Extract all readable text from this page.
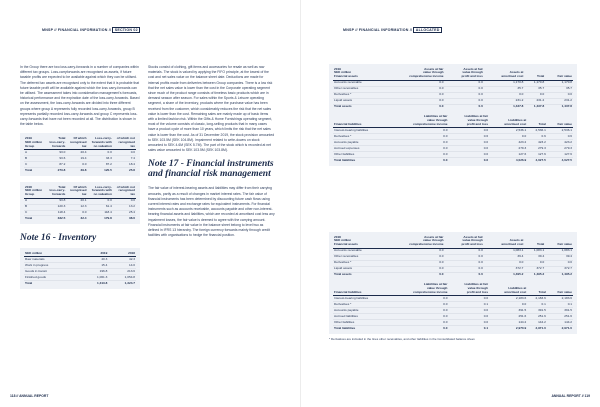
MNSP // FINANCIAL INFORMATION // SECTION 02

In the Group there are two loss-carry-forwards in a number of companies within different tax groups. Loss-carryforwards are recognised as assets, if future taxable profits are expected to be available against which they can be utilised. The deferred tax assets are recognised only to the extent that it is probable that future taxable profit will be available against which the loss carry-forwards can be utilised. The assessment takes into consideration management's forecasts, historical performance and the expiration date of the loss-carry-forwards. Based on the assessment, the loss-carry-forwards are divided into three different groups where group A represents fully recorded loss-carry-forwards, group B represents partially recorded loss-carry-forwards and group C represents loss-carry-forwards that have not been recorded at all. The distribution is shown in the table below.

2019
SEK million
Group	Total
loss-carry-
forwards	Of which
recognised
tax	Loss-carry-
forwards with
no valuation	of which not
recognised
tax
A	93.0	20.4	0.0	0.0
B	93.6	19.4	33.3	7.4
C	87.2	0.0	87.2	18.4
Total	273.8	39.8	120.5	25.8
2018
SEK million
Group	Total
loss-carry-
forwards	Of which
recognised
tax	Loss-carry-
forwards with
no valuation	of which not
recognised
tax
A	93.8	20.1	0.0	0.0
B	120.3	12.3	61.4	13.2
C	118.4	0.0	118.4	25.4
Total	332.5	32.4	179.8	38.6
Note 16 - Inventory
SEK million	2019	2018
Raw materials	40.3	42.3
Work in progress	15.4	14.0
Goods in transit	196.8	213.6
Finished goods	1,061.3	1,054.8
Total	1,313.8	1,324.7

Stocks consist of clothing, gift items and accessories for resale as well as raw materials. The stock is valued by applying the FIFO principle, at the lowest of the cost and net sales value on the balance sheet date. Deductions are made for internal profits made from deliveries between Group companies. There is a low risk that the net sales value is lower than the cost in the Corporate operating segment since much of the product range consists of timeless basic products which are in demand season after season. For sales within the Sports & Leisure operating segment, a share of the inventory, products where the purchase value has been received from the customer, which considerably reduces the risk that the net sales value is lower than the cost. Remaining sales are mainly made up of basic items with a limited fashion risk. Within the Gifts & Home Furnishings operating segment, most of the volume consists of classic, long-selling products that in many cases have a product cycle of more than 10 years, which limits the risk that the net sales value is lower than the cost. As of 31 December 2019, the stock provision amounted to SEK 103.5M (SEK 104.8M). Impairment related to write-downs on stock amounted to SEK 4.6M (SEK 5.7M). The part of the stock which is recorded at net sales value amounted to SEK 103.5M (SEK 103.8M).

Note 17 - Financial instruments and financial risk management

The fair value of interest-bearing assets and liabilities may differ from their carrying amounts, partly as a result of changes in market interest rates. The fair value of financial instruments has been determined by discounting future cash flows using current interest rates and exchange rates for equivalent instruments. For financial instruments such as accounts receivable, accounts payable and other non-interest-bearing financial assets and liabilities, which are recorded at amortised cost less any impairment losses, the fair value is deemed to agree with the carrying amount. Financial instruments at fair value in the balance sheet belong to level two as defined in IFRS 13 hierarchy. The foreign currency forwards mainly through credit facilities with organisations to hedge the financial position.

118 // ANNUAL REPORT
MNSP // FINANCIAL INFORMATION // ALLOCATED
2019
SEK million
Financial assets	Assets at fair
value through
comprehensive income	Assets at fair
value through
profit and loss	Assets at
amortised cost	Total	Fair value
Accounts receivable	0.0	0.0	1,170.8	1,170.8	1,170.8
Other receivables	0.0	0.0	35.7	35.7	35.7
Derivatives *	0.0	0.0	0.0	0.0	0.0
Liquid assets	0.0	0.0	231.2	231.2	231.2
Total assets	0.0	0.0	1,437.8	1,437.8	1,437.8
Financial liabilities	Liabilities at fair
value through
comprehensive income	Liabilities at fair
value through
profit and loss	Liabilities at
amortised cost	Total	Fair value
Interest-bearing liabilities	0.0	0.0	2,536.1	2,536.1	2,536.1
Derivatives *	0.0	0.6	0.0	0.6	0.6
Accounts payable	0.0	0.0	423.2	423.2	423.2
Accrued expenses	0.0	0.0	279.3	279.3	279.3
Other liabilities	0.0	0.0	127.6	127.6	127.6
Total liabilities	0.0	0.6	4,026.9	4,027.5	4,027.5
2018
SEK million
Financial assets	Assets at fair
value through
comprehensive income	Assets at fair
value through
profit and loss	Assets at
amortised cost	Total	Fair value
Accounts receivable	0.0	0.0	1,083.1	1,083.1	1,083.1
Other receivables	0.0	0.0	39.4	39.4	39.4
Derivatives *	0.0	0.0	0.0	0.0	0.0
Liquid assets	0.0	0.0	372.7	372.7	372.7
Total assets	0.0	0.0	1,495.2	1,495.2	1,495.2
Financial liabilities	Liabilities at fair
value through
comprehensive income	Liabilities at fair
value through
profit and loss	Liabilities at
amortised cost	Total	Fair value
Interest-bearing liabilities	0.0	0.0	2,183.6	2,183.6	2,183.6
Derivatives *	0.0	0.1	0.0	0.1	0.1
Accounts payable	0.0	0.0	391.5	391.5	391.5
Accrued liabilities	0.0	0.0	251.6	251.6	251.6
Other liabilities	0.0	0.0	144.2	144.2	144.2
Total liabilities	0.0	0.1	2,970.9	2,971.0	2,971.0

* Derivatives are included in the lines other receivables, and other liabilities in the Consolidated balance sheet.

ANNUAL REPORT // 119
